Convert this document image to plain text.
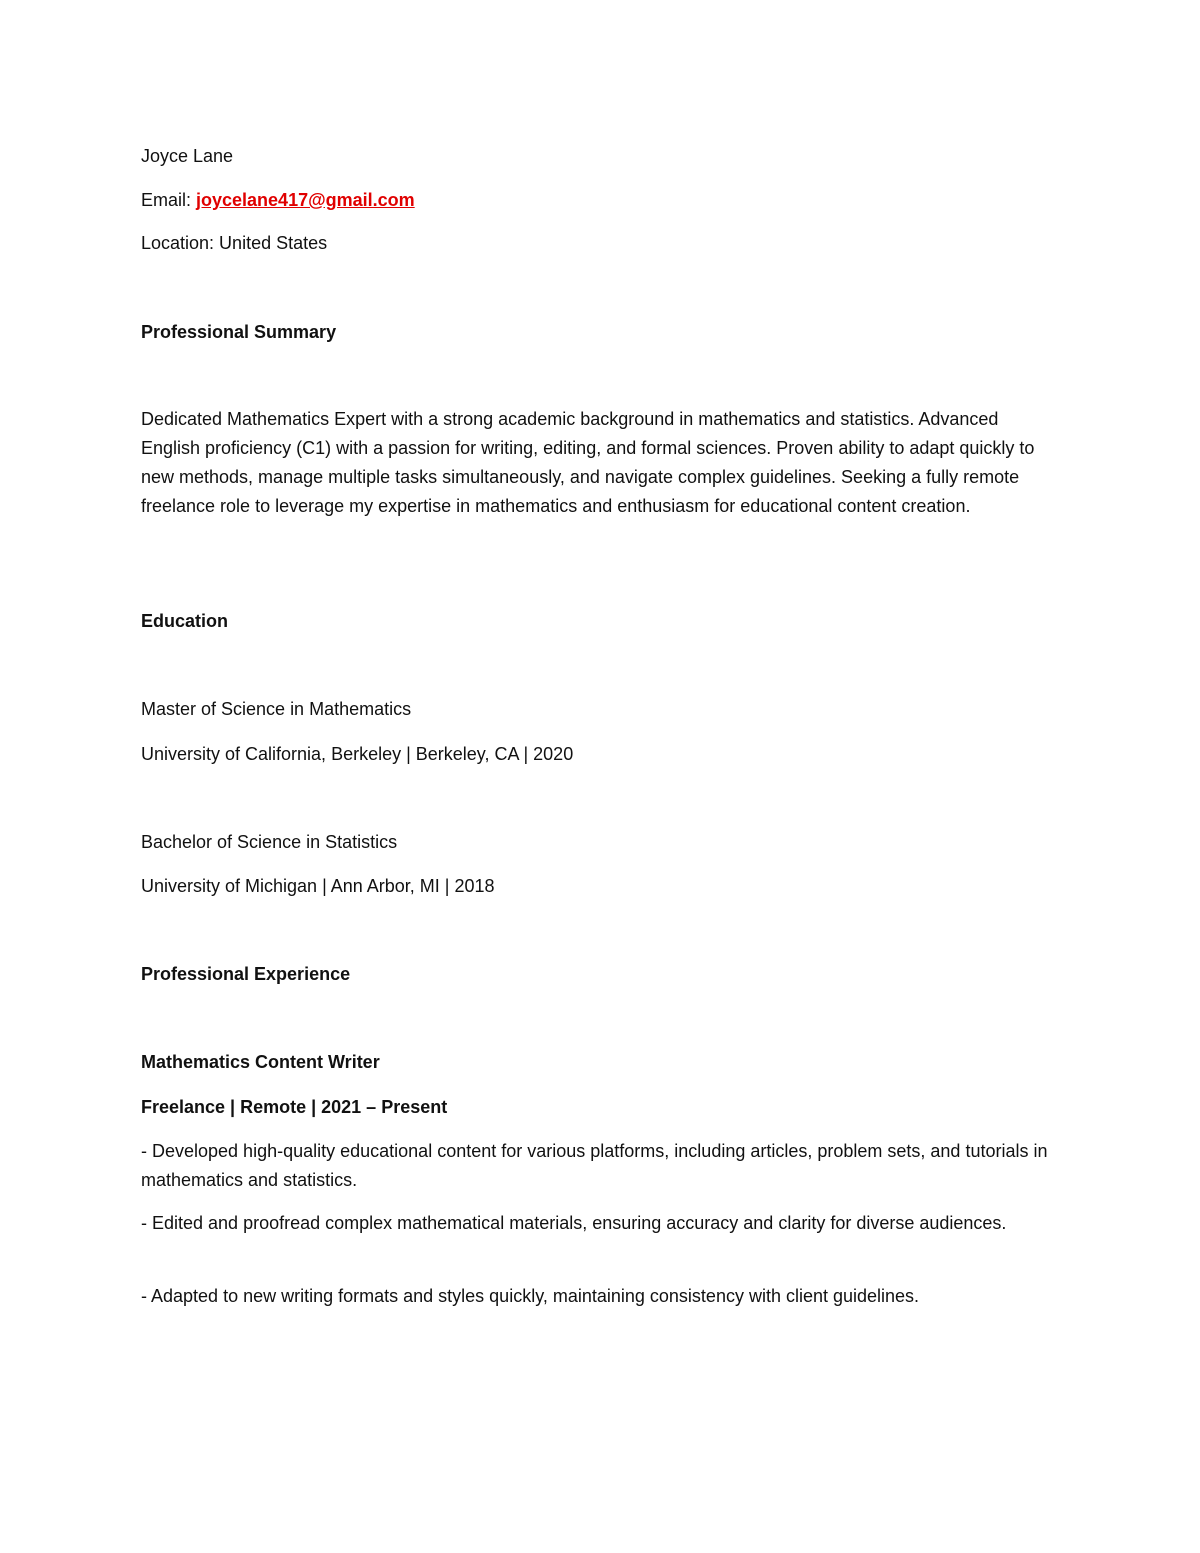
Joyce Lane
Email: joycelane417@gmail.com
Location: United States
Professional Summary
Dedicated Mathematics Expert with a strong academic background in mathematics and statistics. Advanced English proficiency (C1) with a passion for writing, editing, and formal sciences. Proven ability to adapt quickly to new methods, manage multiple tasks simultaneously, and navigate complex guidelines. Seeking a fully remote freelance role to leverage my expertise in mathematics and enthusiasm for educational content creation.
Education
Master of Science in Mathematics
University of California, Berkeley | Berkeley, CA | 2020
Bachelor of Science in Statistics
University of Michigan | Ann Arbor, MI | 2018
Professional Experience
Mathematics Content Writer
Freelance | Remote | 2021 – Present
- Developed high-quality educational content for various platforms, including articles, problem sets, and tutorials in mathematics and statistics.
- Edited and proofread complex mathematical materials, ensuring accuracy and clarity for diverse audiences.
- Adapted to new writing formats and styles quickly, maintaining consistency with client guidelines.
